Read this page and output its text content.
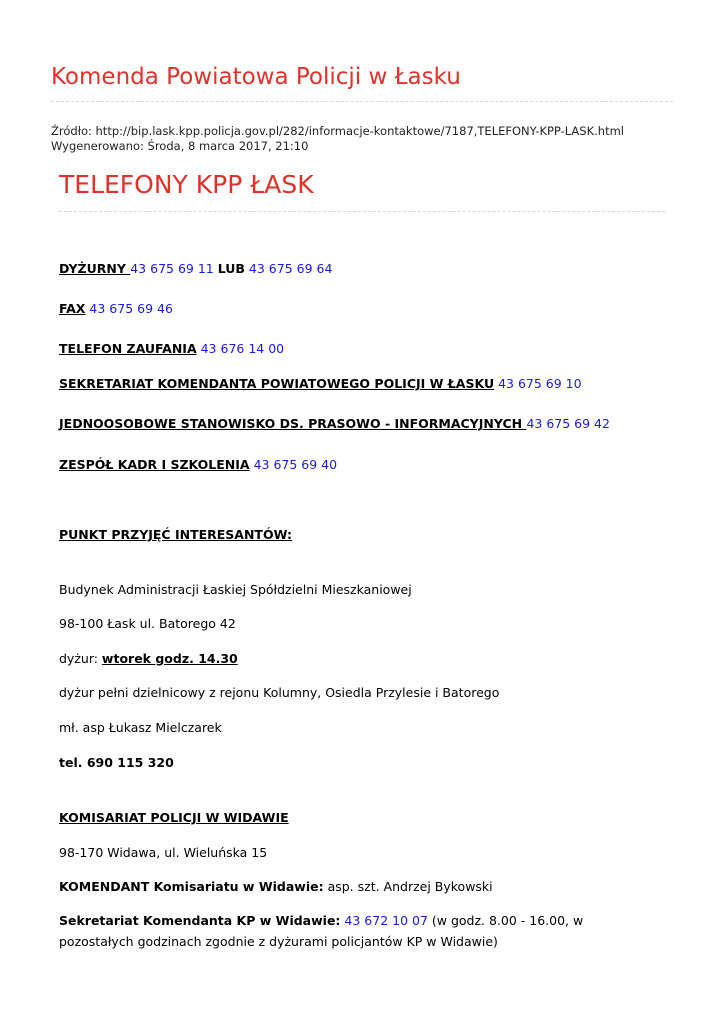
Komenda Powiatowa Policji w Łasku

Źródło: http://bip.lask.kpp.policja.gov.pl/282/informacje-kontaktowe/7187,TELEFONY-KPP-LASK.html

Wygenerowano: Środa, 8 marca 2017, 21:10

TELEFONY KPP ŁASK

DYŻURNY 43 675 69 11 LUB 43 675 69 64

FAX 43 675 69 46

TELEFON ZAUFANIA 43 676 14 00

SEKRETARIAT KOMENDANTA POWIATOWEGO POLICJI W ŁASKU 43 675 69 10

JEDNOOSOBOWE STANOWISKO DS. PRASOWO - INFORMACYJNYCH 43 675 69 42

ZESPÓŁ KADR I SZKOLENIA 43 675 69 40

PUNKT PRZYJĘĆ INTERESANTÓW:

Budynek Administracji Łaskiej Spółdzielni Mieszkaniowej

98-100 Łask ul. Batorego 42

dyżur: wtorek godz. 14.30

dyżur pełni dzielnicowy z rejonu Kolumny, Osiedla Przylesie i Batorego

mł. asp Łukasz Mielczarek

tel. 690 115 320

KOMISARIAT POLICJI W WIDAWIE

98-170 Widawa, ul. Wieluńska 15

KOMENDANT Komisariatu w Widawie: asp. szt. Andrzej Bykowski

Sekretariat Komendanta KP w Widawie: 43 672 10 07 (w godz. 8.00 - 16.00, w pozostałych godzinach zgodnie z dyżurami policjantów KP w Widawie)
